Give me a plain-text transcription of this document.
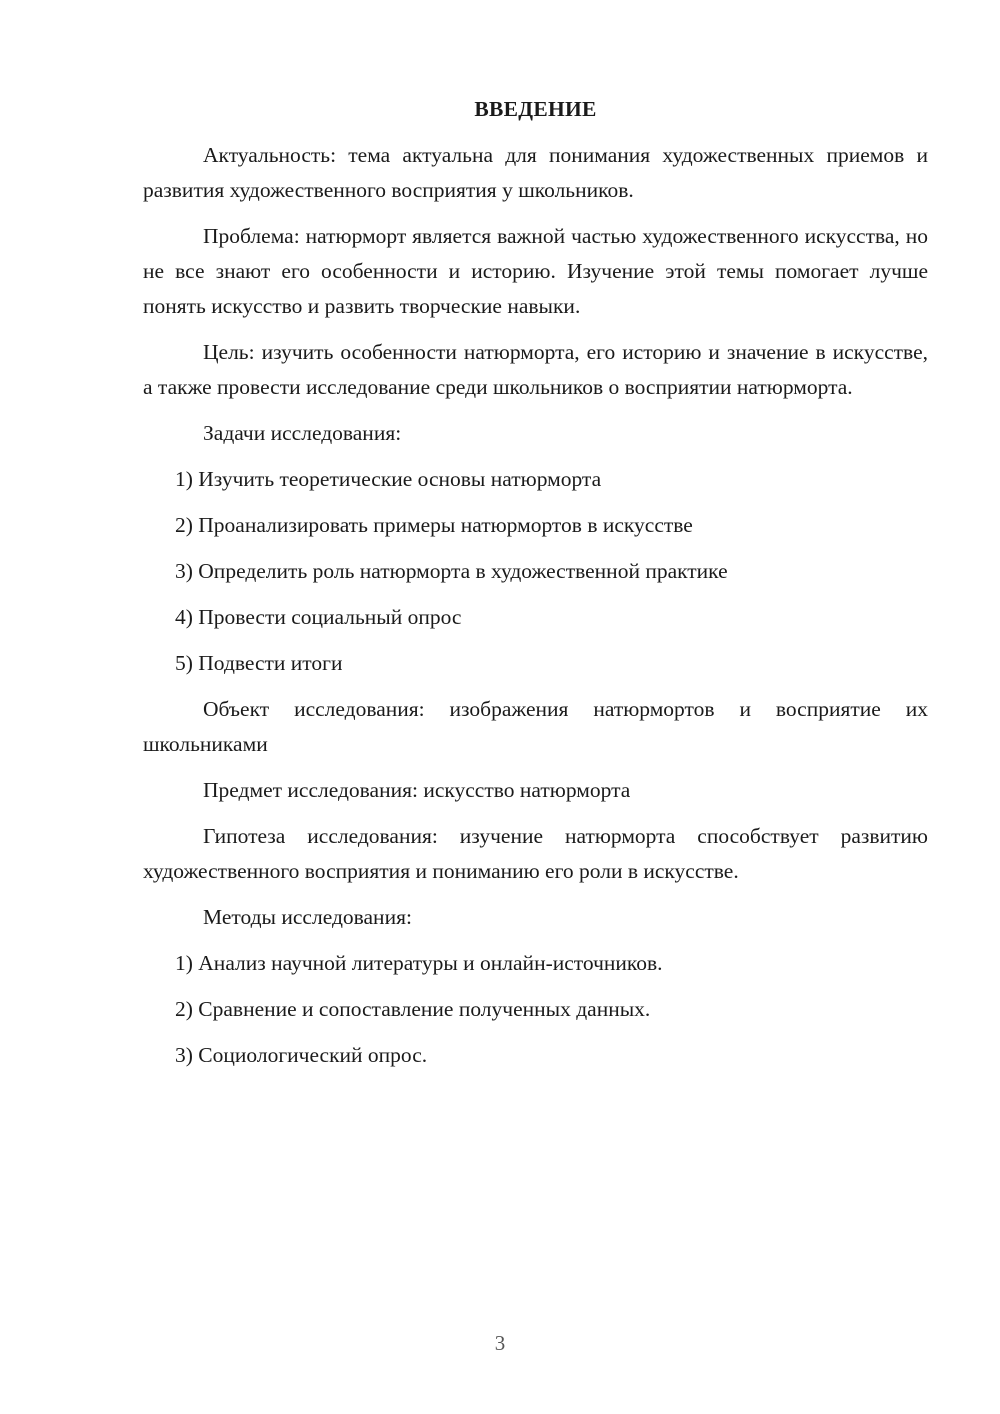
ВВЕДЕНИЕ
Актуальность: тема актуальна для понимания художественных приемов и развития художественного восприятия у школьников.
Проблема: натюрморт является важной частью художественного искусства, но не все знают его особенности и историю. Изучение этой темы помогает лучше понять искусство и развить творческие навыки.
Цель: изучить особенности натюрморта, его историю и значение в искусстве, а также провести исследование среди школьников о восприятии натюрморта.
Задачи исследования:
1) Изучить теоретические основы натюрморта
2) Проанализировать примеры натюрмортов в искусстве
3) Определить роль натюрморта в художественной практике
4) Провести социальный опрос
5) Подвести итоги
Объект исследования: изображения натюрмортов и восприятие их школьниками
Предмет исследования: искусство натюрморта
Гипотеза исследования: изучение натюрморта способствует развитию художественного восприятия и пониманию его роли в искусстве.
Методы исследования:
1) Анализ научной литературы и онлайн-источников.
2) Сравнение и сопоставление полученных данных.
3) Социологический опрос.
3
